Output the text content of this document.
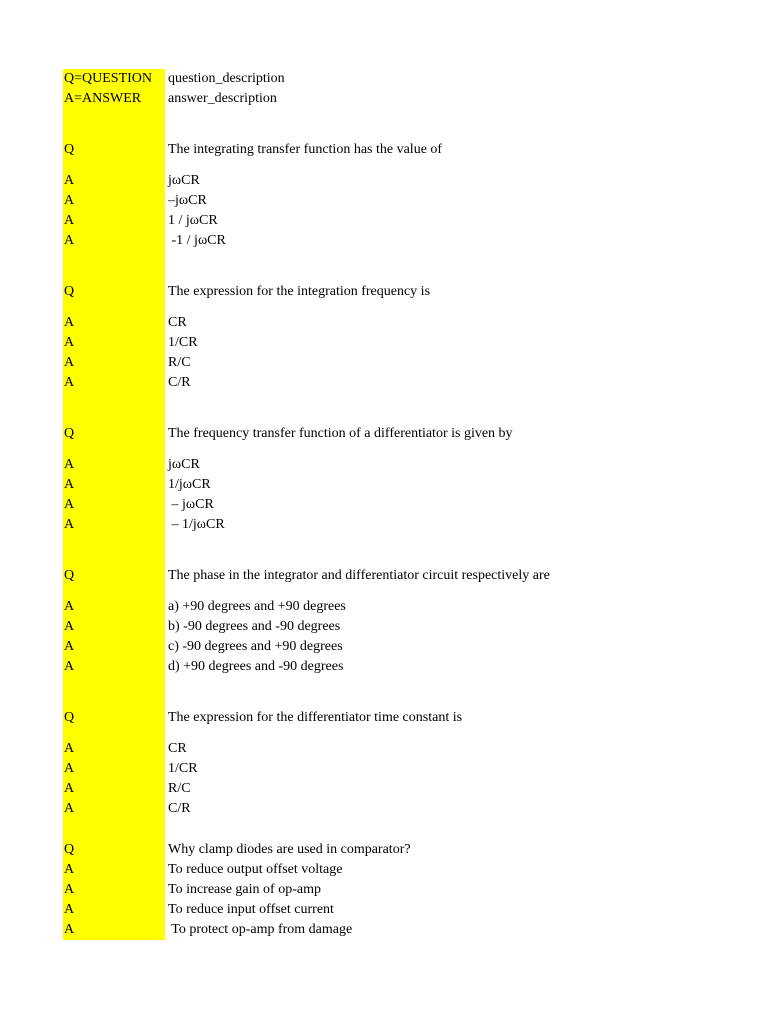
Q=QUESTION	question_description
A=ANSWER	answer_description
Q	The integrating transfer function has the value of
A	jωCR
A	–jωCR
A	1 / jωCR
A	-1 / jωCR
Q	The expression for the integration frequency is
A	CR
A	1/CR
A	R/C
A	C/R
Q	The frequency transfer function of a differentiator is given by
A	jωCR
A	1/jωCR
A	– jωCR
A	– 1/jωCR
Q	The phase in the integrator and differentiator circuit respectively are
A	a) +90 degrees and +90 degrees
A	b) -90 degrees and -90 degrees
A	c) -90 degrees and +90 degrees
A	d) +90 degrees and -90 degrees
Q	The expression for the differentiator time constant is
A	CR
A	1/CR
A	R/C
A	C/R
Q	Why clamp diodes are used in comparator?
A	To reduce output offset voltage
A	To increase gain of op-amp
A	To reduce input offset current
A	To protect op-amp from damage
